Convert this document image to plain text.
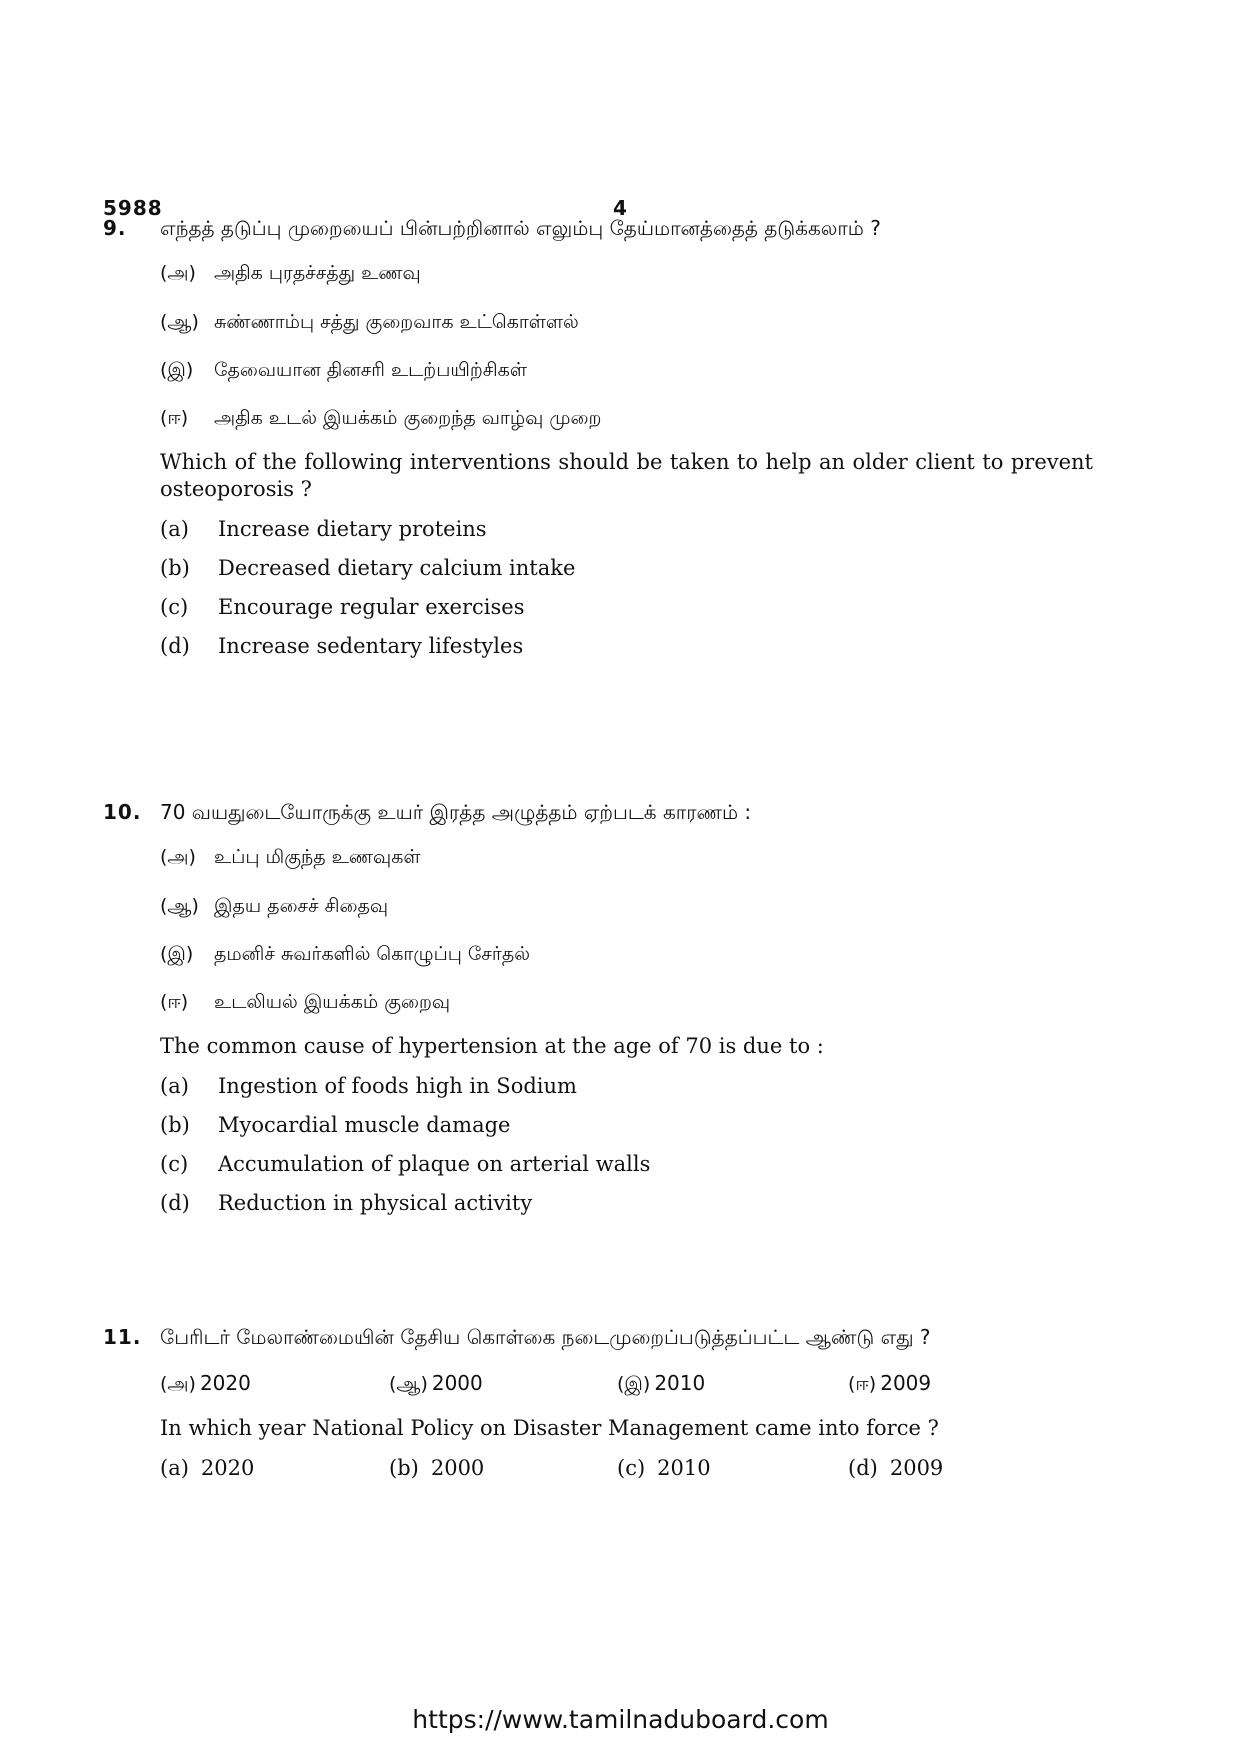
5988	4
9. எந்தத் தடுப்பு முறையைப் பின்பற்றினால் எலும்பு தேய்மானத்தைத் தடுக்கலாம் ?
(அ) அதிக புரதச்சத்து உணவு
(ஆ) சுண்ணாம்பு சத்து குறைவாக உட்கொள்ளல்
(இ) தேவையான தினசரி உடற்பயிற்சிகள்
(ஈ) அதிக உடல் இயக்கம் குறைந்த வாழ்வு முறை
Which of the following interventions should be taken to help an older client to prevent osteoporosis ?
(a) Increase dietary proteins
(b) Decreased dietary calcium intake
(c) Encourage regular exercises
(d) Increase sedentary lifestyles
10. 70 வயதுடையோருக்கு உயர் இரத்த அழுத்தம் ஏற்படக் காரணம் :
(அ) உப்பு மிகுந்த உணவுகள்
(ஆ) இதய தசைச் சிதைவு
(இ) தமனிச் சுவர்களில் கொழுப்பு சேர்தல்
(ஈ) உடலியல் இயக்கம் குறைவு
The common cause of hypertension at the age of 70 is due to :
(a) Ingestion of foods high in Sodium
(b) Myocardial muscle damage
(c) Accumulation of plaque on arterial walls
(d) Reduction in physical activity
11. பேரிடர் மேலாண்மையின் தேசிய கொள்கை நடைமுறைப்படுத்தப்பட்ட ஆண்டு எது ?
(அ) 2020	(ஆ) 2000	(இ) 2010	(ஈ) 2009
In which year National Policy on Disaster Management came into force ?
(a) 2020	(b) 2000	(c) 2010	(d) 2009
https://www.tamilnaduboard.com
